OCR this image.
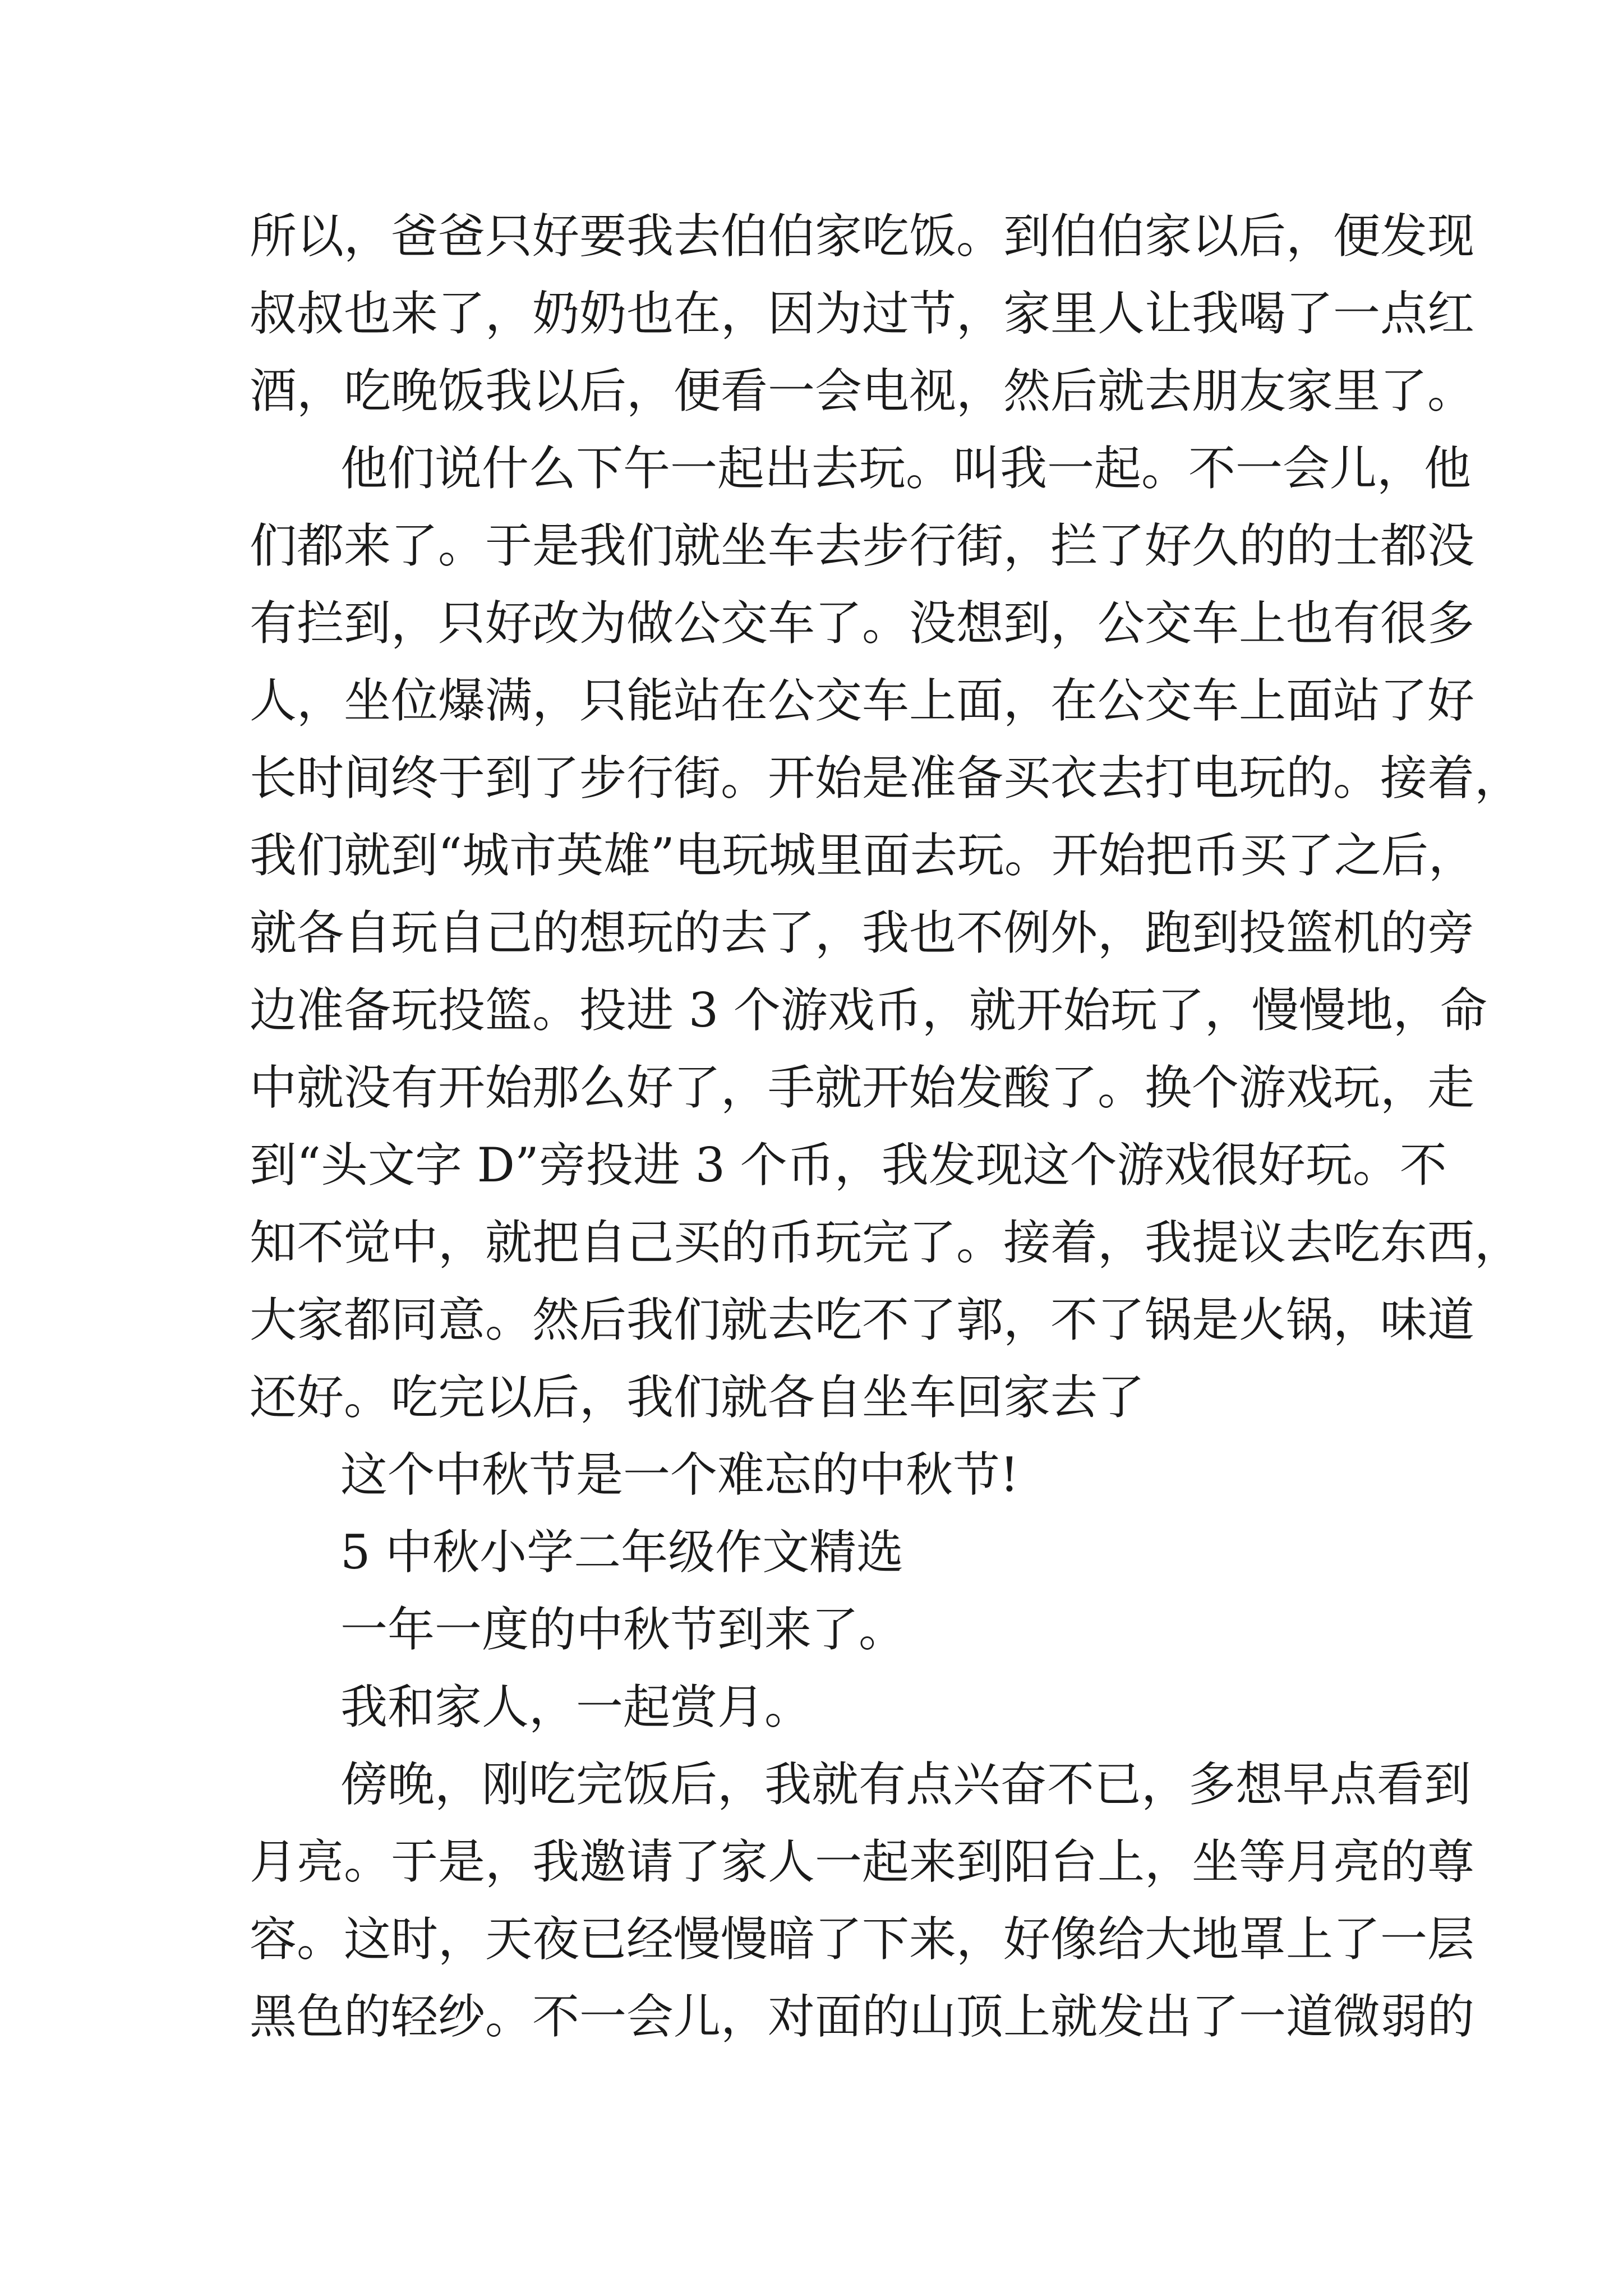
所以，爸爸只好要我去伯伯家吃饭。到伯伯家以后，便发现
叔叔也来了，奶奶也在，因为过节，家里人让我喝了一点红
酒，吃晚饭我以后，便看一会电视，然后就去朋友家里了。
他们说什么下午一起出去玩。叫我一起。不一会儿，他
们都来了。于是我们就坐车去步行街，拦了好久的的士都没
有拦到，只好改为做公交车了。没想到，公交车上也有很多
人，坐位爆满，只能站在公交车上面，在公交车上面站了好
长时间终于到了步行街。开始是准备买衣去打电玩的。接着，
我们就到“城市英雄”电玩城里面去玩。开始把币买了之后，
就各自玩自己的想玩的去了，我也不例外，跑到投篮机的旁
边准备玩投篮。投进 3 个游戏币，就开始玩了，慢慢地，命
中就没有开始那么好了，手就开始发酸了。换个游戏玩，走
到“头文字 D”旁投进 3 个币，我发现这个游戏很好玩。不
知不觉中，就把自己买的币玩完了。接着，我提议去吃东西，
大家都同意。然后我们就去吃不了郭，不了锅是火锅，味道
还好。吃完以后，我们就各自坐车回家去了
这个中秋节是一个难忘的中秋节!
5 中秋小学二年级作文精选
一年一度的中秋节到来了。
我和家人，一起赏月。
傍晚，刚吃完饭后，我就有点兴奋不已，多想早点看到
月亮。于是，我邀请了家人一起来到阳台上，坐等月亮的尊
容。这时，天夜已经慢慢暗了下来，好像给大地罩上了一层
黑色的轻纱。不一会儿，对面的山顶上就发出了一道微弱的
